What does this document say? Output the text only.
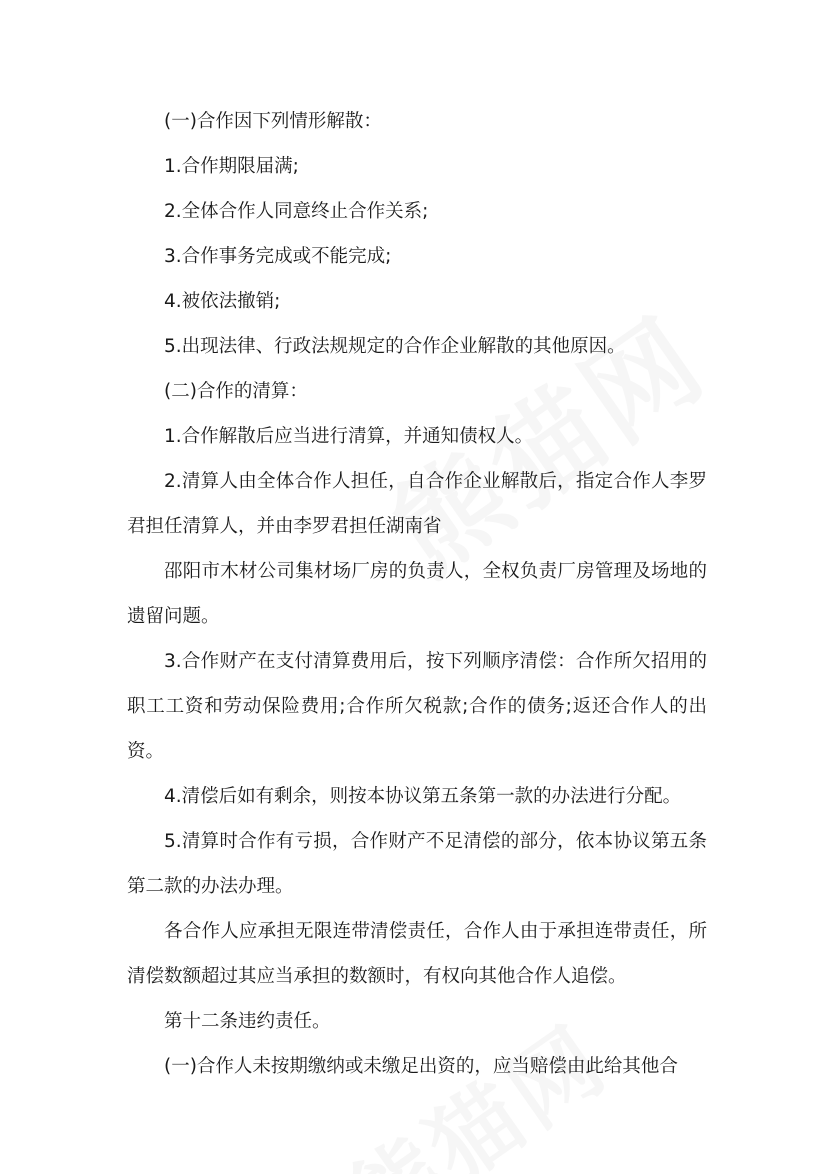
(一)合作因下列情形解散：
1.合作期限届满;
2.全体合作人同意终止合作关系;
3.合作事务完成或不能完成;
4.被依法撤销;
5.出现法律、行政法规规定的合作企业解散的其他原因。
(二)合作的清算：
1.合作解散后应当进行清算，并通知债权人。
2.清算人由全体合作人担任，自合作企业解散后，指定合作人李罗君担任清算人，并由李罗君担任湖南省
邵阳市木材公司集材场厂房的负责人，全权负责厂房管理及场地的遗留问题。
3.合作财产在支付清算费用后，按下列顺序清偿：合作所欠招用的职工工资和劳动保险费用;合作所欠税款;合作的债务;返还合作人的出资。
4.清偿后如有剩余，则按本协议第五条第一款的办法进行分配。
5.清算时合作有亏损，合作财产不足清偿的部分，依本协议第五条第二款的办法办理。
各合作人应承担无限连带清偿责任，合作人由于承担连带责任，所清偿数额超过其应当承担的数额时，有权向其他合作人追偿。
第十二条违约责任。
(一)合作人未按期缴纳或未缴足出资的，应当赔偿由此给其他合
